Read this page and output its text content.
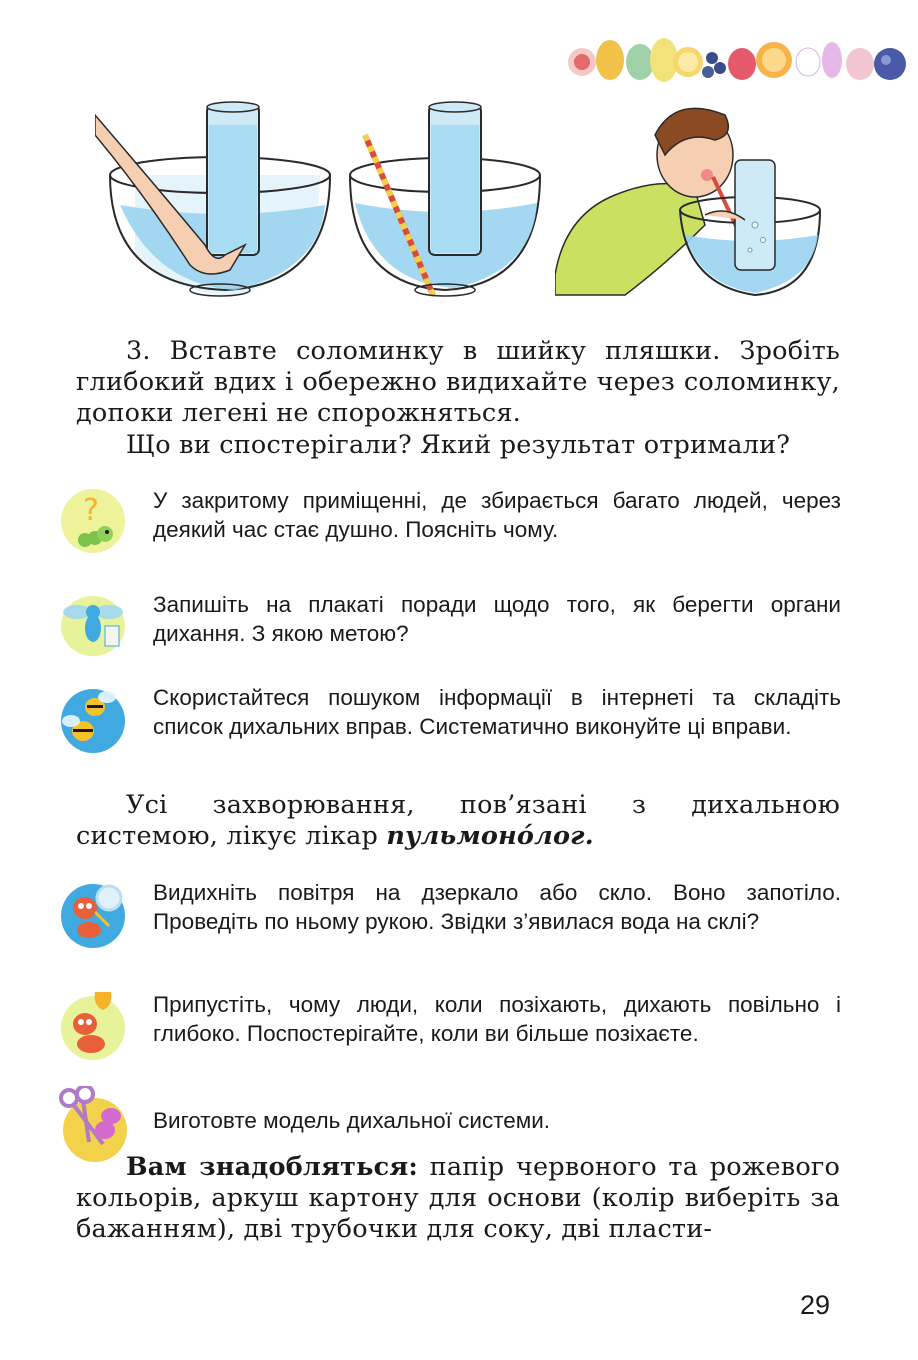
3. Вставте соломинку в шийку пляшки. Зробіть глибокий вдих і обережно видихайте через соломинку, допоки легені не спорожняться.

Що ви спостерігали? Який результат отримали?

? У закритому приміщенні, де збирається багато людей, через деякий час стає душно. Поясніть чому.

Запишіть на плакаті поради щодо того, як берегти органи дихання. З якою метою?

Скористайтеся пошуком інформації в інтернеті та складіть список дихальних вправ. Систематично виконуйте ці вправи.

Усі захворювання, пов’язані з дихальною системою, лікує лікар пульмонóлог.

Видихніть повітря на дзеркало або скло. Воно запотіло. Проведіть по ньому рукою. Звідки з’явилася вода на склі?

Припустіть, чому люди, коли позіхають, дихають повільно і глибоко. Поспостерігайте, коли ви більше позіхаєте.

Виготовте модель дихальної системи.

Вам знадобляться: папір червоного та рожевого кольорів, аркуш картону для основи (колір виберіть за бажанням), дві трубочки для соку, дві пласти-

29
